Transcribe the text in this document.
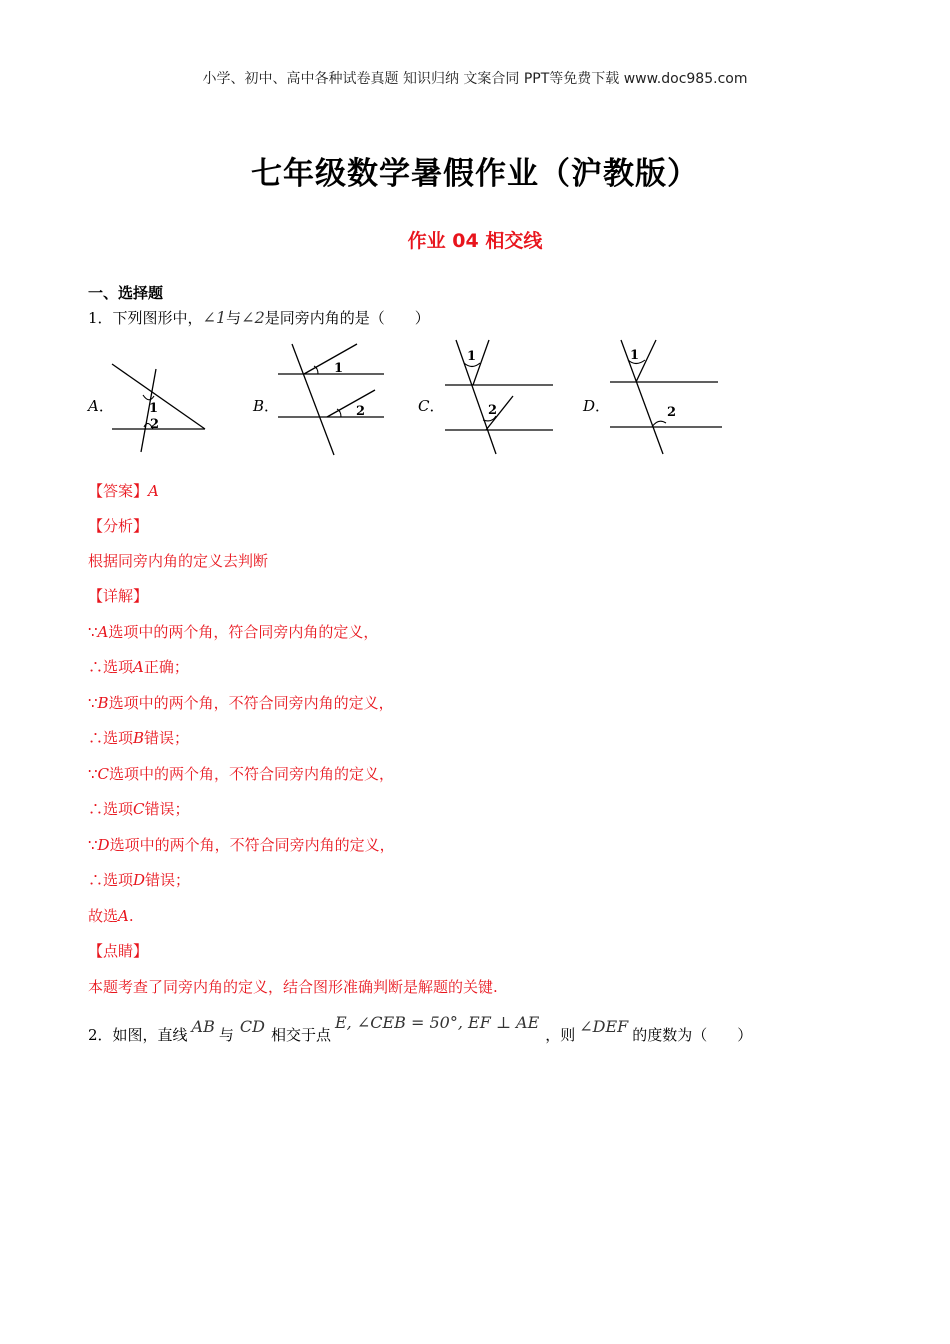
小学、初中、高中各种试卷真题 知识归纳 文案合同 PPT等免费下载 www.doc985.com
七年级数学暑假作业（沪教版）
作业 04 相交线
一、选择题
1．下列图形中，∠1与∠2是同旁内角的是（　　）
A．	B．	C．	D．
1
2
1
2
1
2
1
2
【答案】A
【分析】
根据同旁内角的定义去判断
【详解】
∵A选项中的两个角，符合同旁内角的定义，
∴选项A正确；
∵B选项中的两个角，不符合同旁内角的定义，
∴选项B错误；
∵C选项中的两个角，不符合同旁内角的定义，
∴选项C错误；
∵D选项中的两个角，不符合同旁内角的定义，
∴选项D错误；
故选A.
【点睛】
本题考查了同旁内角的定义，结合图形准确判断是解题的关键.
2．如图，直线 AB 与 CD 相交于点E, ∠CEB = 50°, EF ⊥ AE，则 ∠DEF 的度数为（　　）
